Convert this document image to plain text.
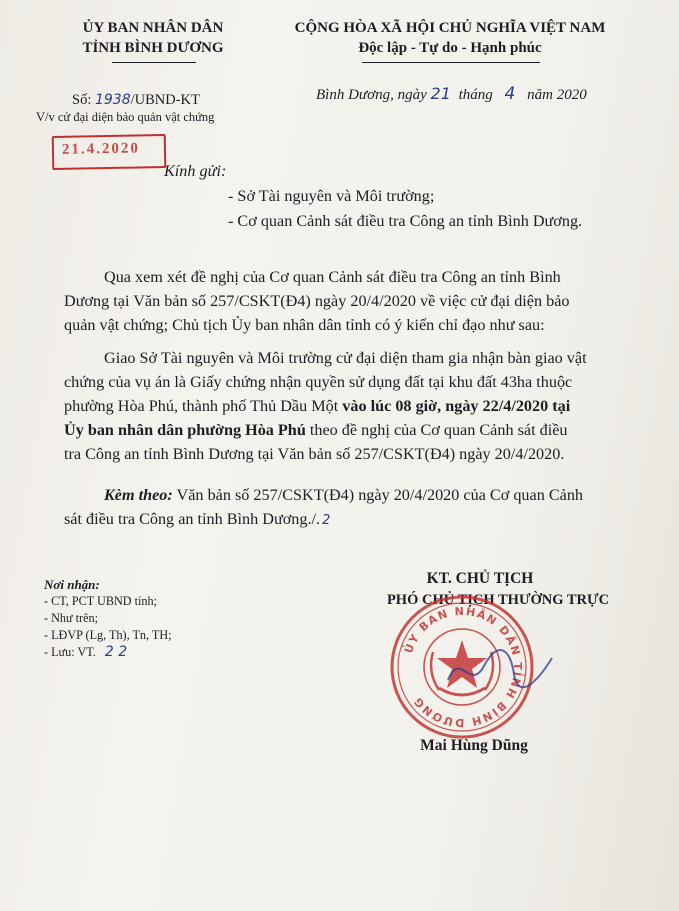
ỦY BAN NHÂN DÂN
TỈNH BÌNH DƯƠNG
Số: 1938/UBND-KT
V/v cử đại diện bảo quản vật chứng
21.4.2020
CỘNG HÒA XÃ HỘI CHỦ NGHĨA VIỆT NAM
Độc lập - Tự do - Hạnh phúc
Bình Dương, ngày 21 tháng 4 năm 2020
Kính gửi:
- Sở Tài nguyên và Môi trường;
- Cơ quan Cảnh sát điều tra Công an tỉnh Bình Dương.
Qua xem xét đề nghị của Cơ quan Cảnh sát điều tra Công an tỉnh Bình
Dương tại Văn bản số 257/CSKT(Đ4) ngày 20/4/2020 về việc cử đại diện bảo
quản vật chứng; Chủ tịch Ủy ban nhân dân tỉnh có ý kiến chỉ đạo như sau:
Giao Sở Tài nguyên và Môi trường cử đại diện tham gia nhận bàn giao vật
chứng của vụ án là Giấy chứng nhận quyền sử dụng đất tại khu đất 43ha thuộc
phường Hòa Phú, thành phố Thủ Dầu Một vào lúc 08 giờ, ngày 22/4/2020 tại
Ủy ban nhân dân phường Hòa Phú theo đề nghị của Cơ quan Cảnh sát điều
tra Công an tỉnh Bình Dương tại Văn bản số 257/CSKT(Đ4) ngày 20/4/2020.
Kèm theo: Văn bản số 257/CSKT(Đ4) ngày 20/4/2020 của Cơ quan Cảnh
sát điều tra Công an tỉnh Bình Dương./. 2
Nơi nhận:
- CT, PCT UBND tỉnh;
- Như trên;
- LĐVP (Lg, Th), Tn, TH;
- Lưu: VT. 2 2
KT. CHỦ TỊCH
PHÓ CHỦ TỊCH THƯỜNG TRỰC
ỦY BAN NHÂN DÂN TỈNH BÌNH DƯƠNG
Mai Hùng Dũng
